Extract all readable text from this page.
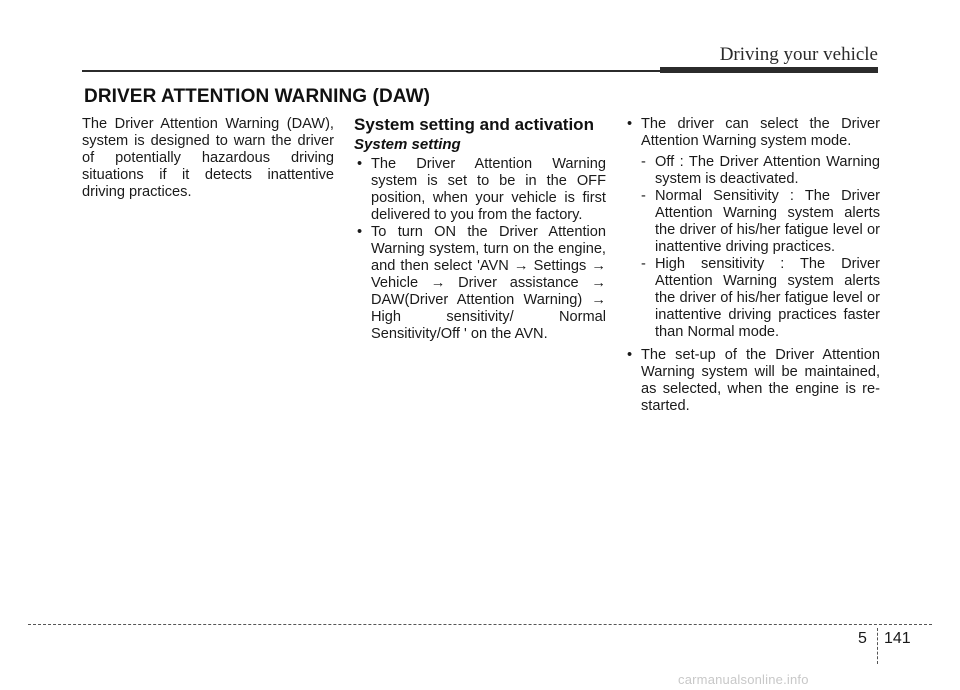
Driving your vehicle
DRIVER ATTENTION WARNING (DAW)

The Driver Attention Warning (DAW), system is designed to warn the driver of potentially hazardous driving situations if it detects inattentive driving practices.

System setting and activation
System setting

• The Driver Attention Warning system is set to be in the OFF position, when your vehicle is first delivered to you from the factory.

• To turn ON the Driver Attention Warning system, turn on the engine, and then select 'AVN → Settings → Vehicle → Driver assistance → DAW(Driver Attention Warning) → High sensitivity/ Normal Sensitivity/Off ' on the AVN.

• The driver can select the Driver Attention Warning system mode.

- Off : The Driver Attention Warning system is deactivated.

- Normal Sensitivity : The Driver Attention Warning system alerts the driver of his/her fatigue level or inattentive driving practices.

- High sensitivity : The Driver Attention Warning system alerts the driver of his/her fatigue level or inattentive driving practices faster than Normal mode.

• The set-up of the Driver Attention Warning system will be maintained, as selected, when the engine is re-started.

5 141
carmanualsonline.info
